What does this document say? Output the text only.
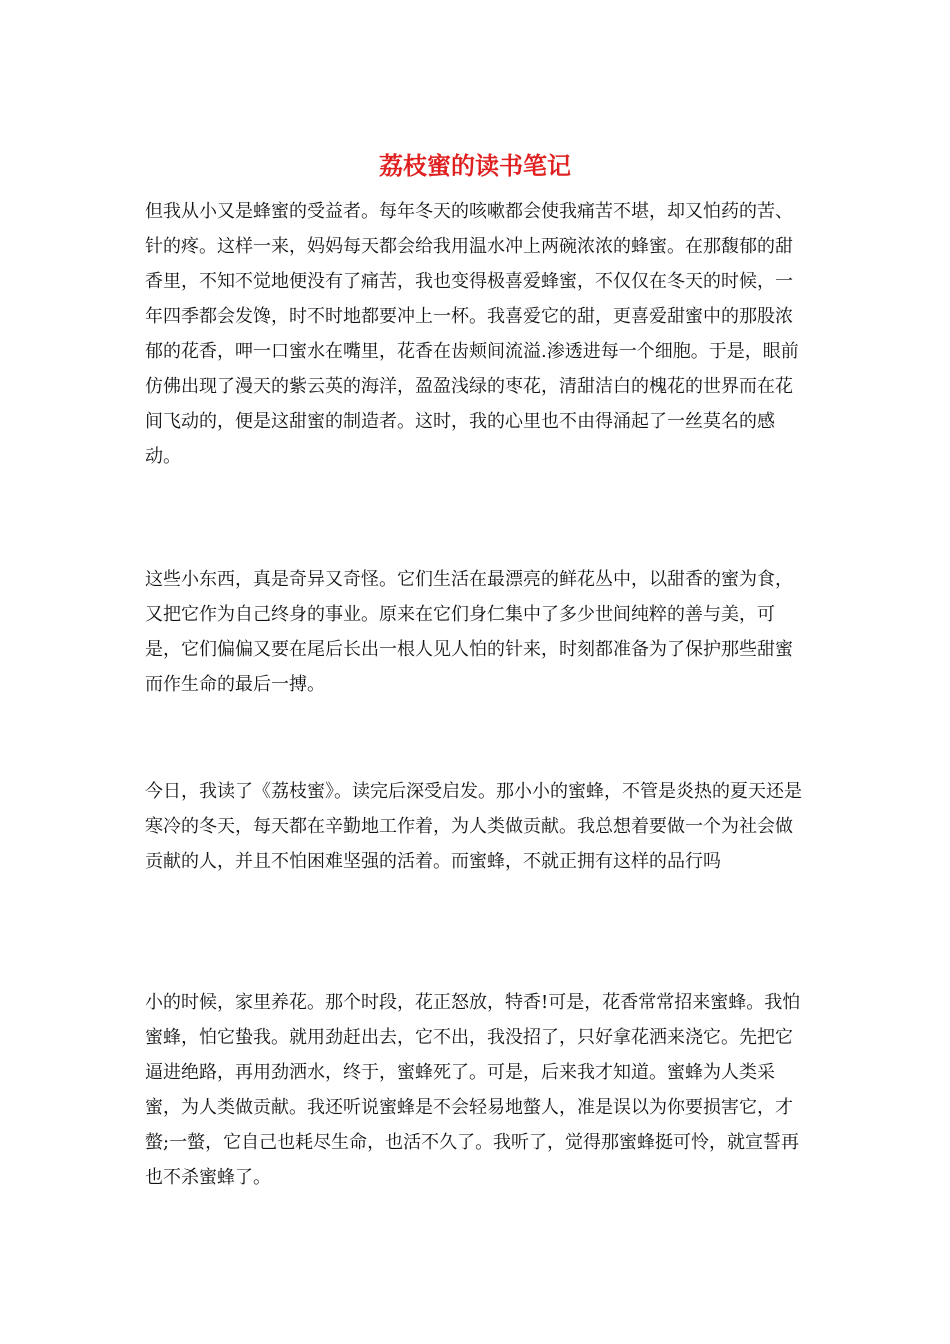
荔枝蜜的读书笔记

但我从小又是蜂蜜的受益者。每年冬天的咳嗽都会使我痛苦不堪，却又怕药的苦、针的疼。这样一来，妈妈每天都会给我用温水冲上两碗浓浓的蜂蜜。在那馥郁的甜香里，不知不觉地便没有了痛苦，我也变得极喜爱蜂蜜，不仅仅在冬天的时候，一年四季都会发馋，时不时地都要冲上一杯。我喜爱它的甜，更喜爱甜蜜中的那股浓郁的花香，呷一口蜜水在嘴里，花香在齿颊间流溢.渗透进每一个细胞。于是，眼前仿佛出现了漫天的紫云英的海洋，盈盈浅绿的枣花，清甜洁白的槐花的世界而在花间飞动的，便是这甜蜜的制造者。这时，我的心里也不由得涌起了一丝莫名的感动。

这些小东西，真是奇异又奇怪。它们生活在最漂亮的鲜花丛中，以甜香的蜜为食，又把它作为自己终身的事业。原来在它们身仁集中了多少世间纯粹的善与美，可是，它们偏偏又要在尾后长出一根人见人怕的针来，时刻都准备为了保护那些甜蜜而作生命的最后一搏。

今日，我读了《荔枝蜜》。读完后深受启发。那小小的蜜蜂，不管是炎热的夏天还是寒冷的冬天，每天都在辛勤地工作着，为人类做贡献。我总想着要做一个为社会做贡献的人，并且不怕困难坚强的活着。而蜜蜂，不就正拥有这样的品行吗

小的时候，家里养花。那个时段，花正怒放，特香!可是，花香常常招来蜜蜂。我怕蜜蜂，怕它蛰我。就用劲赶出去，它不出，我没招了，只好拿花洒来浇它。先把它逼进绝路，再用劲洒水，终于，蜜蜂死了。可是，后来我才知道。蜜蜂为人类采蜜，为人类做贡献。我还听说蜜蜂是不会轻易地螫人，准是误以为你要损害它，才螫;一螫，它自己也耗尽生命，也活不久了。我听了，觉得那蜜蜂挺可怜，就宣誓再也不杀蜜蜂了。
